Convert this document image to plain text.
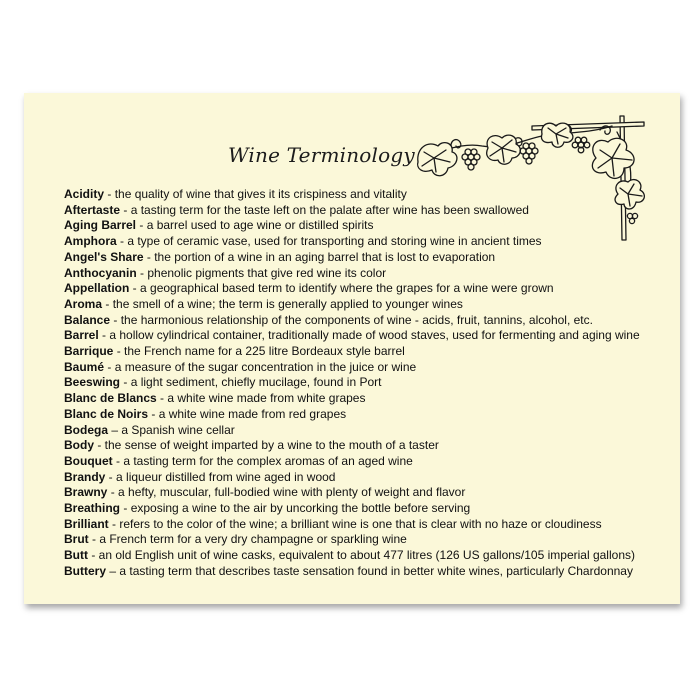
Wine Terminology
Acidity - the quality of wine that gives it its crispiness and vitality
Aftertaste - a tasting term for the taste left on the palate after wine has been swallowed
Aging Barrel - a barrel used to age wine or distilled spirits
Amphora - a type of ceramic vase, used for transporting and storing wine in ancient times
Angel's Share - the portion of a wine in an aging barrel that is lost to evaporation
Anthocyanin - phenolic pigments that give red wine its color
Appellation - a geographical based term to identify where the grapes for a wine were grown
Aroma - the smell of a wine; the term is generally applied to younger wines
Balance - the harmonious relationship of the components of wine - acids, fruit, tannins, alcohol, etc.
Barrel - a hollow cylindrical container, traditionally made of wood staves, used for fermenting and aging wine
Barrique - the French name for a 225 litre Bordeaux style barrel
Baumé - a measure of the sugar concentration in the juice or wine
Beeswing - a light sediment, chiefly mucilage, found in Port
Blanc de Blancs - a white wine made from white grapes
Blanc de Noirs - a white wine made from red grapes
Bodega – a Spanish wine cellar
Body - the sense of weight imparted by a wine to the mouth of a taster
Bouquet - a tasting term for the complex aromas of an aged wine
Brandy - a liqueur distilled from wine aged in wood
Brawny - a hefty, muscular, full-bodied wine with plenty of weight and flavor
Breathing - exposing a wine to the air by uncorking the bottle before serving
Brilliant - refers to the color of the wine; a brilliant wine is one that is clear with no haze or cloudiness
Brut - a French term for a very dry champagne or sparkling wine
Butt - an old English unit of wine casks, equivalent to about 477 litres (126 US gallons/105 imperial gallons)
Buttery – a tasting term that describes taste sensation found in better white wines, particularly Chardonnay
